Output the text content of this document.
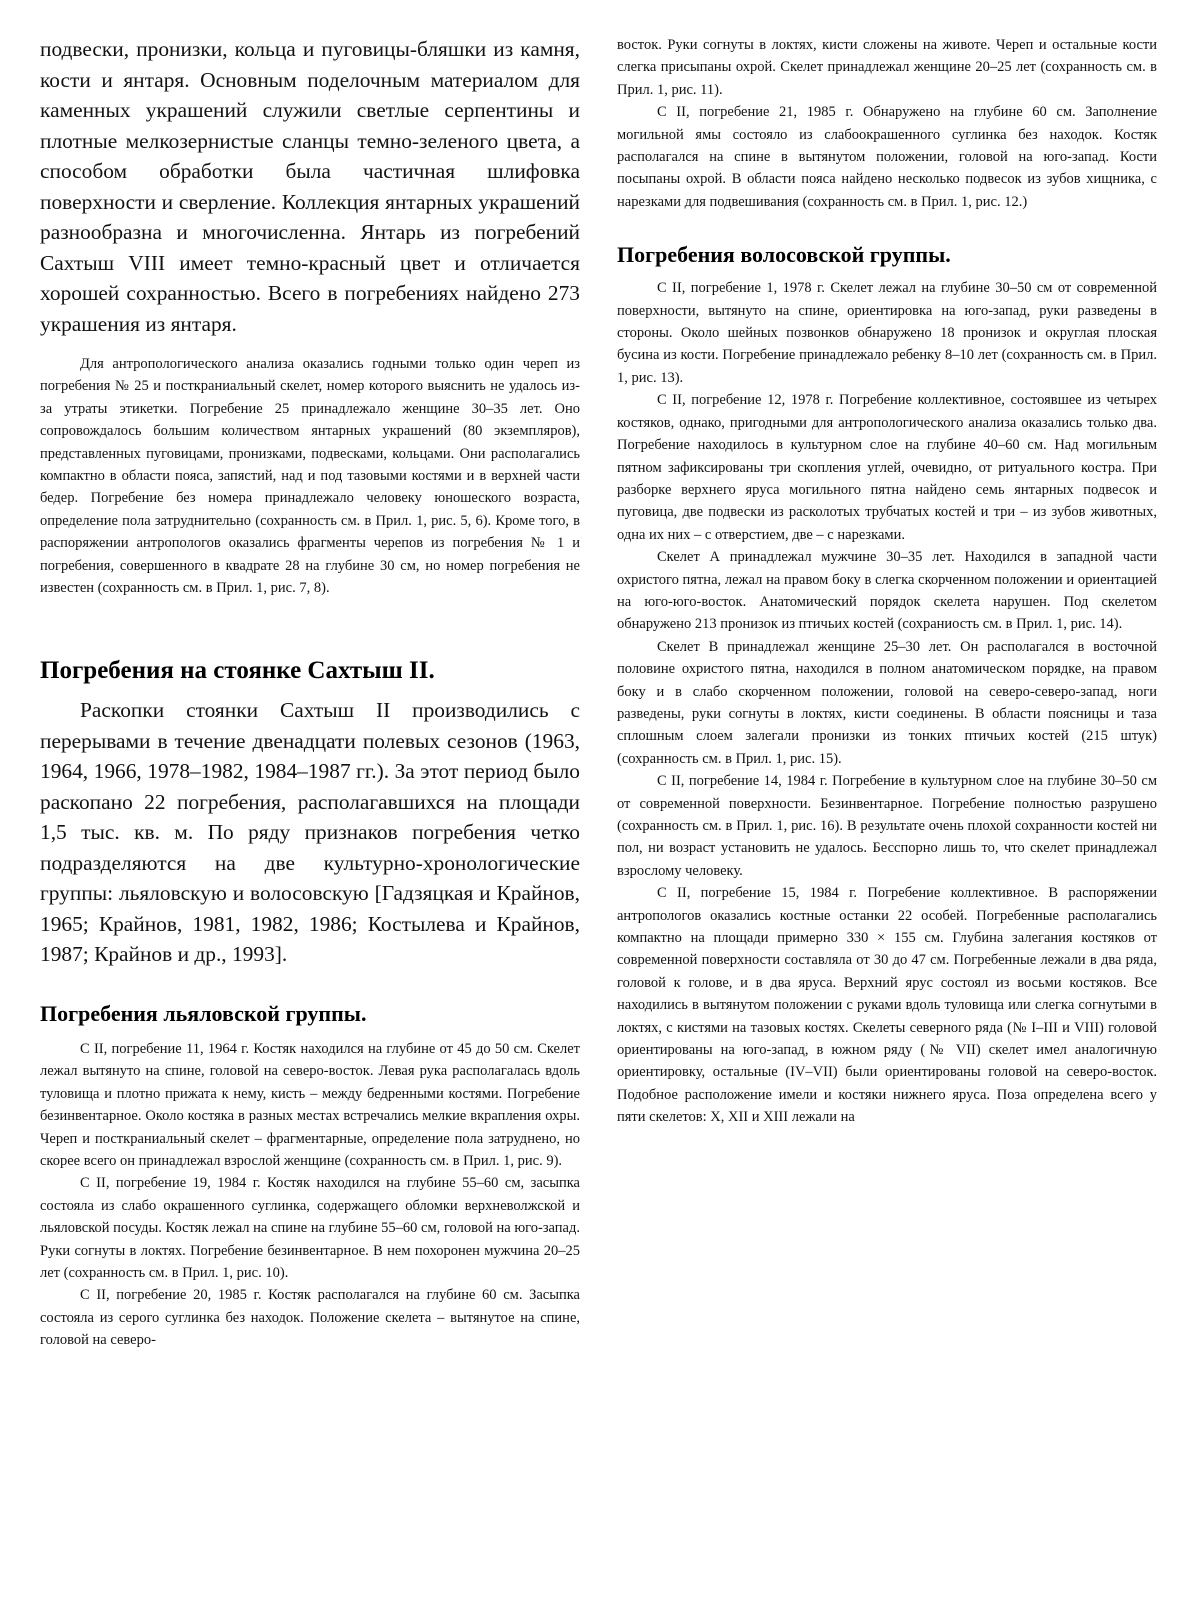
подвески, пронизки, кольца и пуговицы-бляшки из камня, кости и янтаря. Основным поделочным материалом для каменных украшений служили светлые серпентины и плотные мелкозернистые сланцы темно-зеленого цвета, а способом обработки была частичная шлифовка поверхности и сверление. Коллекция янтарных украшений разнообразна и многочисленна. Янтарь из погребений Сахтыш VIII имеет темно-красный цвет и отличается хорошей сохранностью. Всего в погребениях найдено 273 украшения из янтаря.

Для антропологического анализа оказались годными только один череп из погребения № 25 и посткраниальный скелет, номер которого выяснить не удалось из-за утраты этикетки. Погребение 25 принадлежало женщине 30–35 лет. Оно сопровождалось большим количеством янтарных украшений (80 экземпляров), представленных пуговицами, пронизками, подвесками, кольцами. Они располагались компактно в области пояса, запястий, над и под тазовыми костями и в верхней части бедер. Погребение без номера принадлежало человеку юношеского возраста, определение пола затруднительно (сохранность см. в Прил. 1, рис. 5, 6). Кроме того, в распоряжении антропологов оказались фрагменты черепов из погребения № 1 и погребения, совершенного в квадрате 28 на глубине 30 см, но номер погребения не известен (сохранность см. в Прил. 1, рис. 7, 8).

Погребения на стоянке Сахтыш II.

Раскопки стоянки Сахтыш II производились с перерывами в течение двенадцати полевых сезонов (1963, 1964, 1966, 1978–1982, 1984–1987 гг.). За этот период было раскопано 22 погребения, располагавшихся на площади 1,5 тыс. кв. м. По ряду признаков погребения четко подразделяются на две культурно-хронологические группы: льяловскую и волосовскую [Гадзяцкая и Крайнов, 1965; Крайнов, 1981, 1982, 1986; Костылева и Крайнов, 1987; Крайнов и др., 1993].

Погребения льяловской группы.

С II, погребение 11, 1964 г. Костяк находился на глубине от 45 до 50 см. Скелет лежал вытянуто на спине, головой на северо-восток. Левая рука располагалась вдоль туловища и плотно прижата к нему, кисть – между бедренными костями. Погребение безинвентарное. Около костяка в разных местах встречались мелкие вкрапления охры. Череп и посткраниальный скелет – фрагментарные, определение пола затруднено, но скорее всего он принадлежал взрослой женщине (сохранность см. в Прил. 1, рис. 9).

С II, погребение 19, 1984 г. Костяк находился на глубине 55–60 см, засыпка состояла из слабо окрашенного суглинка, содержащего обломки верхневолжской и льяловской посуды. Костяк лежал на спине на глубине 55–60 см, головой на юго-запад. Руки согнуты в локтях. Погребение безинвентарное. В нем похоронен мужчина 20–25 лет (сохранность см. в Прил. 1, рис. 10).

С II, погребение 20, 1985 г. Костяк располагался на глубине 60 см. Засыпка состояла из серого суглинка без находок. Положение скелета – вытянутое на спине, головой на северо-

восток. Руки согнуты в локтях, кисти сложены на животе. Череп и остальные кости слегка присыпаны охрой. Скелет принадлежал женщине 20–25 лет (сохранность см. в Прил. 1, рис. 11).

С II, погребение 21, 1985 г. Обнаружено на глубине 60 см. Заполнение могильной ямы состояло из слабоокрашенного суглинка без находок. Костяк располагался на спине в вытянутом положении, головой на юго-запад. Кости посыпаны охрой. В области пояса найдено несколько подвесок из зубов хищника, с нарезками для подвешивания (сохранность см. в Прил. 1, рис. 12.)

Погребения волосовской группы.

С II, погребение 1, 1978 г. Скелет лежал на глубине 30–50 см от современной поверхности, вытянуто на спине, ориентировка на юго-запад, руки разведены в стороны. Около шейных позвонков обнаружено 18 пронизок и округлая плоская бусина из кости. Погребение принадлежало ребенку 8–10 лет (сохранность см. в Прил. 1, рис. 13).

С II, погребение 12, 1978 г. Погребение коллективное, состоявшее из четырех костяков, однако, пригодными для антропологического анализа оказались только два. Погребение находилось в культурном слое на глубине 40–60 см. Над могильным пятном зафиксированы три скопления углей, очевидно, от ритуального костра. При разборке верхнего яруса могильного пятна найдено семь янтарных подвесок и пуговица, две подвески из расколотых трубчатых костей и три – из зубов животных, одна их них – с отверстием, две – с нарезками.

Скелет А принадлежал мужчине 30–35 лет. Находился в западной части охристого пятна, лежал на правом боку в слегка скорченном положении и ориентацией на юго-юго-восток. Анатомический порядок скелета нарушен. Под скелетом обнаружено 213 пронизок из птичьих костей (сохраниость см. в Прил. 1, рис. 14).

Скелет В принадлежал женщине 25–30 лет. Он располагался в восточной половине охристого пятна, находился в полном анатомическом порядке, на правом боку и в слабо скорченном положении, головой на северо-северо-запад, ноги разведены, руки согнуты в локтях, кисти соединены. В области поясницы и таза сплошным слоем залегали пронизки из тонких птичьих костей (215 штук) (сохранность см. в Прил. 1, рис. 15).

С II, погребение 14, 1984 г. Погребение в культурном слое на глубине 30–50 см от современной поверхности. Безинвентарное. Погребение полностью разрушено (сохранность см. в Прил. 1, рис. 16). В результате очень плохой сохранности костей ни пол, ни возраст установить не удалось. Бесспорно лишь то, что скелет принадлежал взрослому человеку.

С II, погребение 15, 1984 г. Погребение коллективное. В распоряжении антропологов оказались костные останки 22 особей. Погребенные располагались компактно на площади примерно 330 × 155 см. Глубина залегания костяков от современной поверхности составляла от 30 до 47 см. Погребенные лежали в два ряда, головой к голове, и в два яруса. Верхний ярус состоял из восьми костяков. Все находились в вытянутом положении с руками вдоль туловища или слегка согнутыми в локтях, с кистями на тазовых костях. Скелеты северного ряда (№ I–III и VIII) головой ориентированы на юго-запад, в южном ряду (№ VII) скелет имел аналогичную ориентировку, остальные (IV–VII) были ориентированы головой на северо-восток. Подобное расположение имели и костяки нижнего яруса. Поза определена всего у пяти скелетов: X, XII и XIII лежали на
